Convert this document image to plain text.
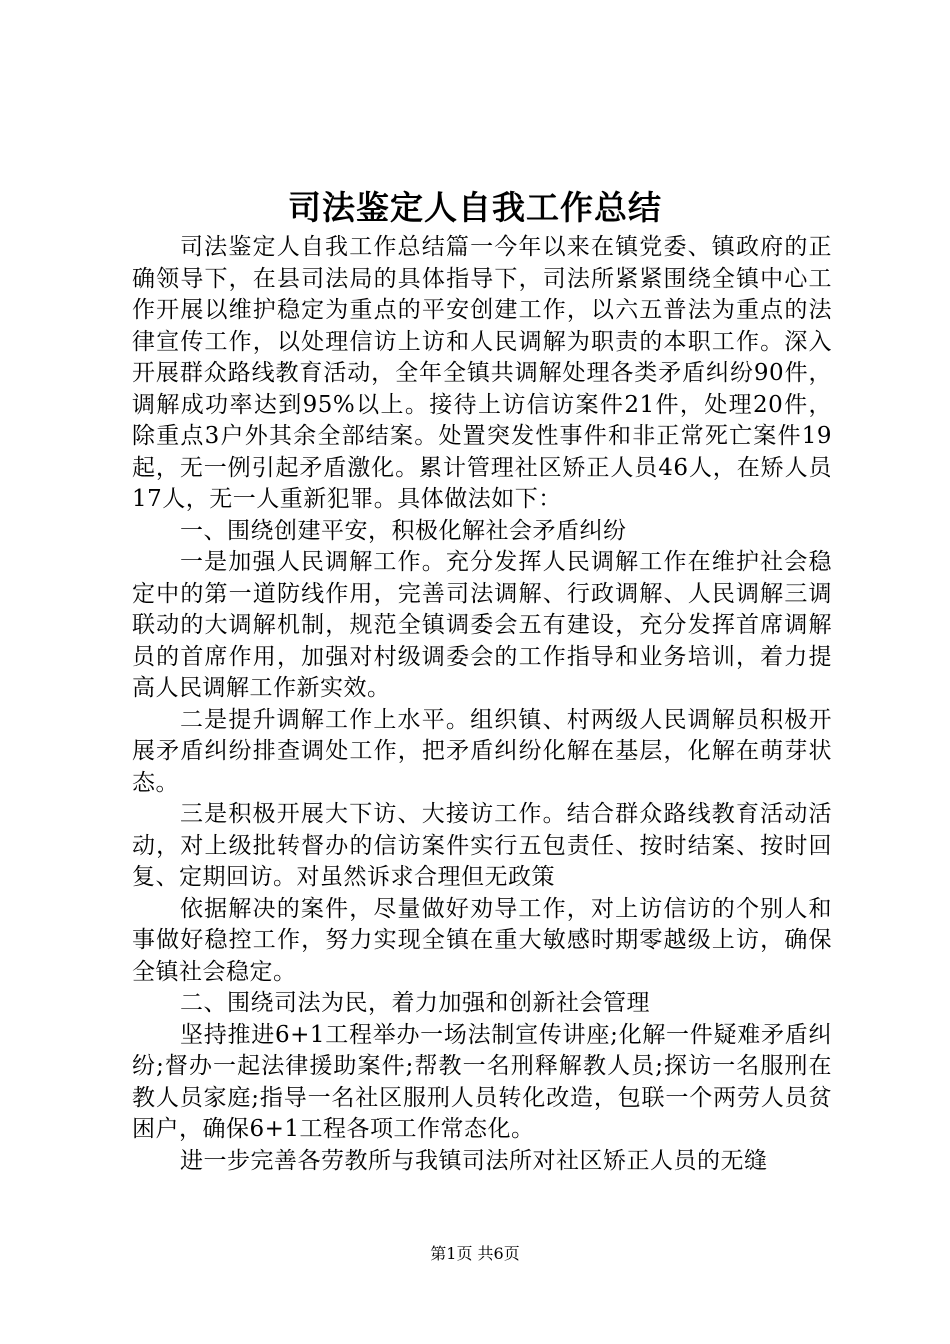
司法鉴定人自我工作总结

司法鉴定人自我工作总结篇一今年以来在镇党委、镇政府的正确领导下，在县司法局的具体指导下，司法所紧紧围绕全镇中心工作开展以维护稳定为重点的平安创建工作，以六五普法为重点的法律宣传工作，以处理信访上访和人民调解为职责的本职工作。深入开展群众路线教育活动，全年全镇共调解处理各类矛盾纠纷90件，调解成功率达到95%以上。接待上访信访案件21件，处理20件，除重点3户外其余全部结案。处置突发性事件和非正常死亡案件19起，无一例引起矛盾激化。累计管理社区矫正人员46人，在矫人员17人，无一人重新犯罪。具体做法如下：

一、围绕创建平安，积极化解社会矛盾纠纷

一是加强人民调解工作。充分发挥人民调解工作在维护社会稳定中的第一道防线作用，完善司法调解、行政调解、人民调解三调联动的大调解机制，规范全镇调委会五有建设，充分发挥首席调解员的首席作用，加强对村级调委会的工作指导和业务培训，着力提高人民调解工作新实效。

二是提升调解工作上水平。组织镇、村两级人民调解员积极开展矛盾纠纷排查调处工作，把矛盾纠纷化解在基层，化解在萌芽状态。

三是积极开展大下访、大接访工作。结合群众路线教育活动活动，对上级批转督办的信访案件实行五包责任、按时结案、按时回复、定期回访。对虽然诉求合理但无政策

依据解决的案件，尽量做好劝导工作，对上访信访的个别人和事做好稳控工作，努力实现全镇在重大敏感时期零越级上访，确保全镇社会稳定。

二、围绕司法为民，着力加强和创新社会管理

坚持推进6+1工程举办一场法制宣传讲座;化解一件疑难矛盾纠纷;督办一起法律援助案件;帮教一名刑释解教人员;探访一名服刑在教人员家庭;指导一名社区服刑人员转化改造，包联一个两劳人员贫困户，确保6+1工程各项工作常态化。

进一步完善各劳教所与我镇司法所对社区矫正人员的无缝

第1页 共6页
